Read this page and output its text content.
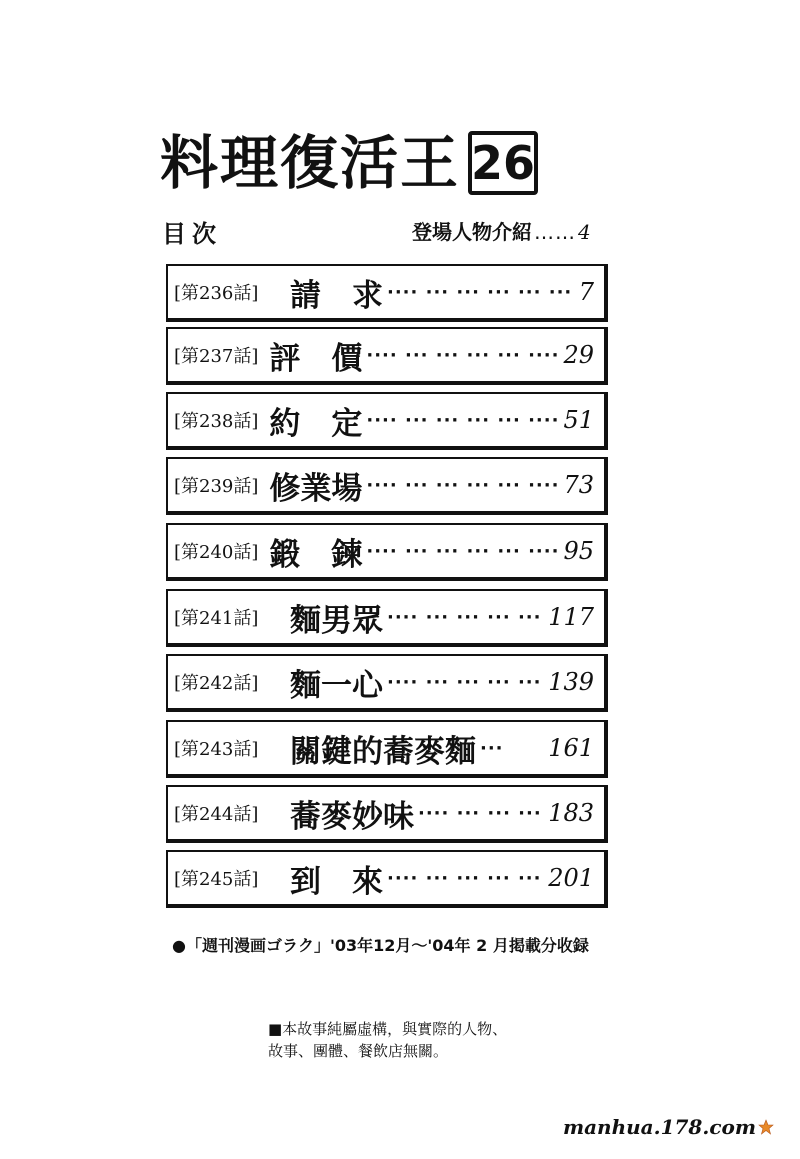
料理復活王 26
目次	登場人物介紹 …… 4
[第236話]	請　求 ···· ··· ··· ··· ··· ··· 7
[第237話] 評　價 ···· ··· ··· ··· ··· ···· 29
[第238話] 約　定 ···· ··· ··· ··· ··· ···· 51
[第239話] 修業場 ···· ··· ··· ··· ··· ···· 73
[第240話] 鍛　鍊 ···· ··· ··· ··· ··· ···· 95
[第241話]	麵男眾 ···· ··· ··· ··· ··· 117
[第242話]	麵一心 ···· ··· ··· ··· ··· 139
[第243話]	關鍵的蕎麥麵 ···	161
[第244話]	蕎麥妙味 ···· ··· ··· ··· 183
[第245話]	到　來 ···· ··· ··· ··· ··· 201
●「週刊漫画ゴラク」'03年12月～'04年 2 月掲載分收録
■本故事純屬虛構，與實際的人物、故事、團體、餐飲店無關。
manhua.178.com
